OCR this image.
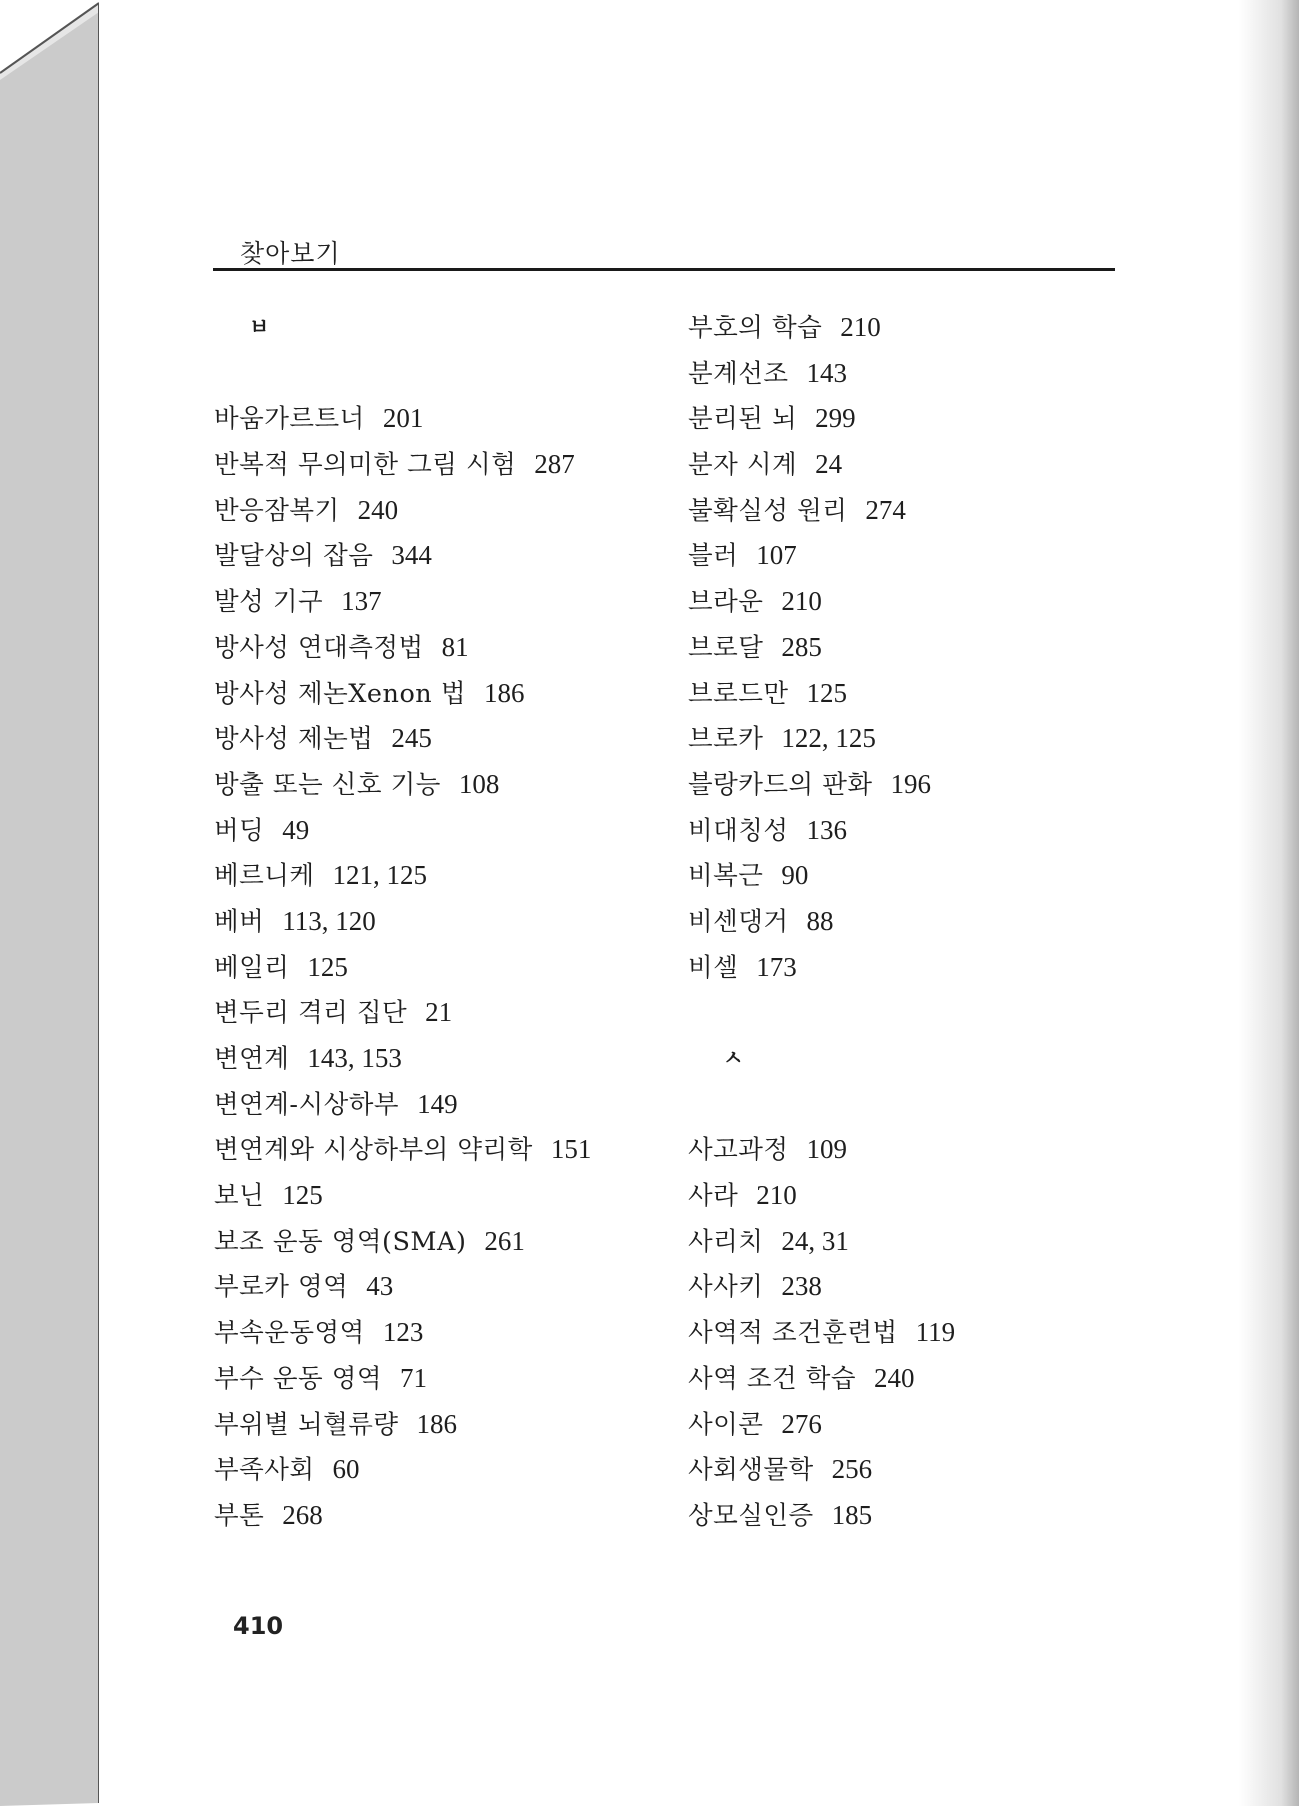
찾아보기
ㅂ
바움가르트너 201
반복적 무의미한 그림 시험 287
반응잠복기 240
발달상의 잡음 344
발성 기구 137
방사성 연대측정법 81
방사성 제논Xenon 법 186
방사성 제논법 245
방출 또는 신호 기능 108
버딩 49
베르니케 121, 125
베버 113, 120
베일리 125
변두리 격리 집단 21
변연계 143, 153
변연계-시상하부 149
변연계와 시상하부의 약리학 151
보닌 125
보조 운동 영역(SMA) 261
부로카 영역 43
부속운동영역 123
부수 운동 영역 71
부위별 뇌혈류량 186
부족사회 60
부톤 268
부호의 학습 210
분계선조 143
분리된 뇌 299
분자 시계 24
불확실성 원리 274
블러 107
브라운 210
브로달 285
브로드만 125
브로카 122, 125
블랑카드의 판화 196
비대칭성 136
비복근 90
비센댕거 88
비셀 173
ㅅ
사고과정 109
사라 210
사리치 24, 31
사사키 238
사역적 조건훈련법 119
사역 조건 학습 240
사이콘 276
사회생물학 256
상모실인증 185
410
